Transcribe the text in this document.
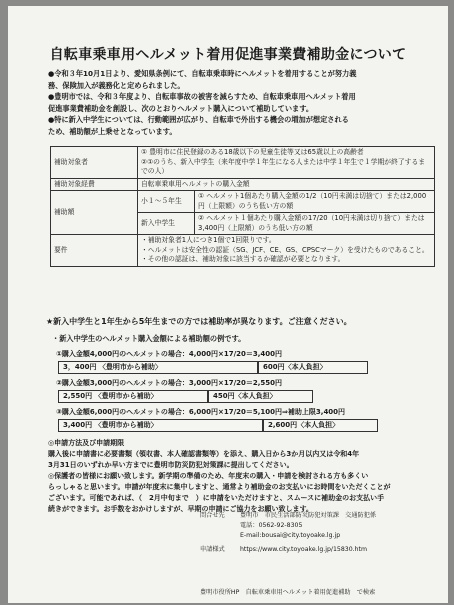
自転車乗車用ヘルメット着用促進事業費補助金について
●令和３年10月1日より、愛知県条例にて、自転車乗車時にヘルメットを着用することが努力義
務、保険加入が義務化と定められました。
●豊明市では、令和３年度より、自転車事故の被害を減らすため、自転車乗車用ヘルメット着用
促進事業費補助金を創設し、次のとおりヘルメット購入について補助しています。
●特に新入中学生については、行動範囲が広がり、自転車で外出する機会の増加が想定される
ため、補助額が上乗せとなっています。
補助対象者	① 豊明市に住民登録のある18歳以下の児童生徒等又は65歳以上の高齢者
②①のうち、新入中学生（来年度中学１年生になる人または中学１年生で１学期が終了するまでの人）	

補助対象経費	自転車乗車用ヘルメットの購入金額	
補助額	小１～５年生	① ヘルメット1個あたり購入金額の1/2（10円未満は切捨て）または2,000円（上限額）のうち低い方の額
	新入中学生	② ヘルメット１個あたり購入金額の17/20（10円未満は切り捨て）または3,400円（上限額）のうち低い方の額
要件	・補助対象者1人につき1個で1回限りです。
・ヘルメットは安全性の認証（SG、JCF、CE、GS、CPSCマーク）を受けたものであること。
・その他の認証は、補助対象に該当するか確認が必要となります。	
★新入中学生と1年生から5年生までの方では補助率が異なります。ご注意ください。
・新入中学生のヘルメット購入金額による補助額の例です。
①購入金額4,000円のヘルメットの場合：4,000円×17/20＝3,400円
3，400円 〈豊明市から補助〉	600円〈本人負担〉
②購入金額3,000円のヘルメットの場合：3,000円×17/20＝2,550円
2,550円 〈豊明市から補助〉	450円〈本人負担〉
③購入金額6,000円のヘルメットの場合：6,000円×17/20＝5,100円⇒補助上限3,400円
3,400円 〈豊明市から補助〉	2,600円〈本人負担〉
◎申請方法及び申請期限
購入後に申請書に必要書類（領収書、本人確認書類等）を添え、購入日から3か月以内又は令和4年
3月31日のいずれか早い方までに豊明市防災防犯対策課に提出してください。
◎保護者の皆様にお願い致します。新学期の準備のため、年度末の購入・申請を検討される方も多くい
らっしゃると思います。申請が年度末に集中しますと、通常より補助金のお支払いにお時間をいただくことが
ございます。可能であれば、（　2月中旬まで　）に申請をいただけますと、スムースに補助金のお支払い手
続きができます。お手数をおかけしますが、早期の申請にご協力をお願い致します。
問合せ先 豊明市　市民生活部防災防犯対策課　交通防犯係
電話：0562-92-8305
E-mail:bousai@city.toyoake.lg.jp
申請様式 https://www.city.toyoake.lg.jp/15830.htm
豊明市役所HP　自転車乗車用ヘルメット着用促進補助　で検索
